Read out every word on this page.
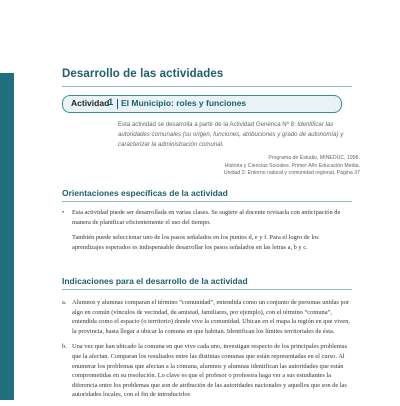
Desarrollo de las actividades
Actividad
1 El Municipio: roles y funciones

Esta actividad se desarrolla a partir de la Actividad Genérica Nº 8: Identificar las autoridades comunales (su origen, funciones, atribuciones y grado de autonomía) y caracterizar la administración comunal.

Programa de Estudio, MINEDUC, 1998.
Historia y Ciencias Sociales. Primer Año Educación Media.
Unidad 2: Entorno natural y comunidad regional, Página 37
Orientaciones específicas de la actividad

• Esta actividad puede ser desarrollada en varias clases. Se sugiere al docente revisarla con anticipación de manera de planificar eficientemente el uso del tiempo.

También puede seleccionar uno de los pasos señalados en los puntos d, e y f. Para el logro de los aprendizajes esperados es indispensable desarrollar los pasos señalados en las letras a, b y c.

Indicaciones para el desarrollo de la actividad

a. Alumnos y alumnas comparan el término “comunidad”, entendida como un conjunto de personas unidas por algo en común (vínculos de vecindad, de amistad, familiares, por ejemplo), con el término “comuna”, entendida como el espacio (o territorio) donde vive la comunidad. Ubican en el mapa la región en que viven, la provincia, hasta llegar a ubicar la comuna en que habitan. Identifican los límites territoriales de ésta.

b. Una vez que han ubicado la comuna en que vive cada uno, investigan respecto de los principales problemas que la afectan. Comparan los resultados entre las distintas comunas que están representadas en el curso. Al enumerar los problemas que afectan a la comuna, alumnos y alumnas identifican las autoridades que están comprometidas en su resolución. Lo clave es que el profesor o profesora haga ver a sus estudiantes la diferencia entre los problemas que son de atribución de las autoridades nacionales y aquellos que son de las autoridades locales, con el fin de introducirlos
